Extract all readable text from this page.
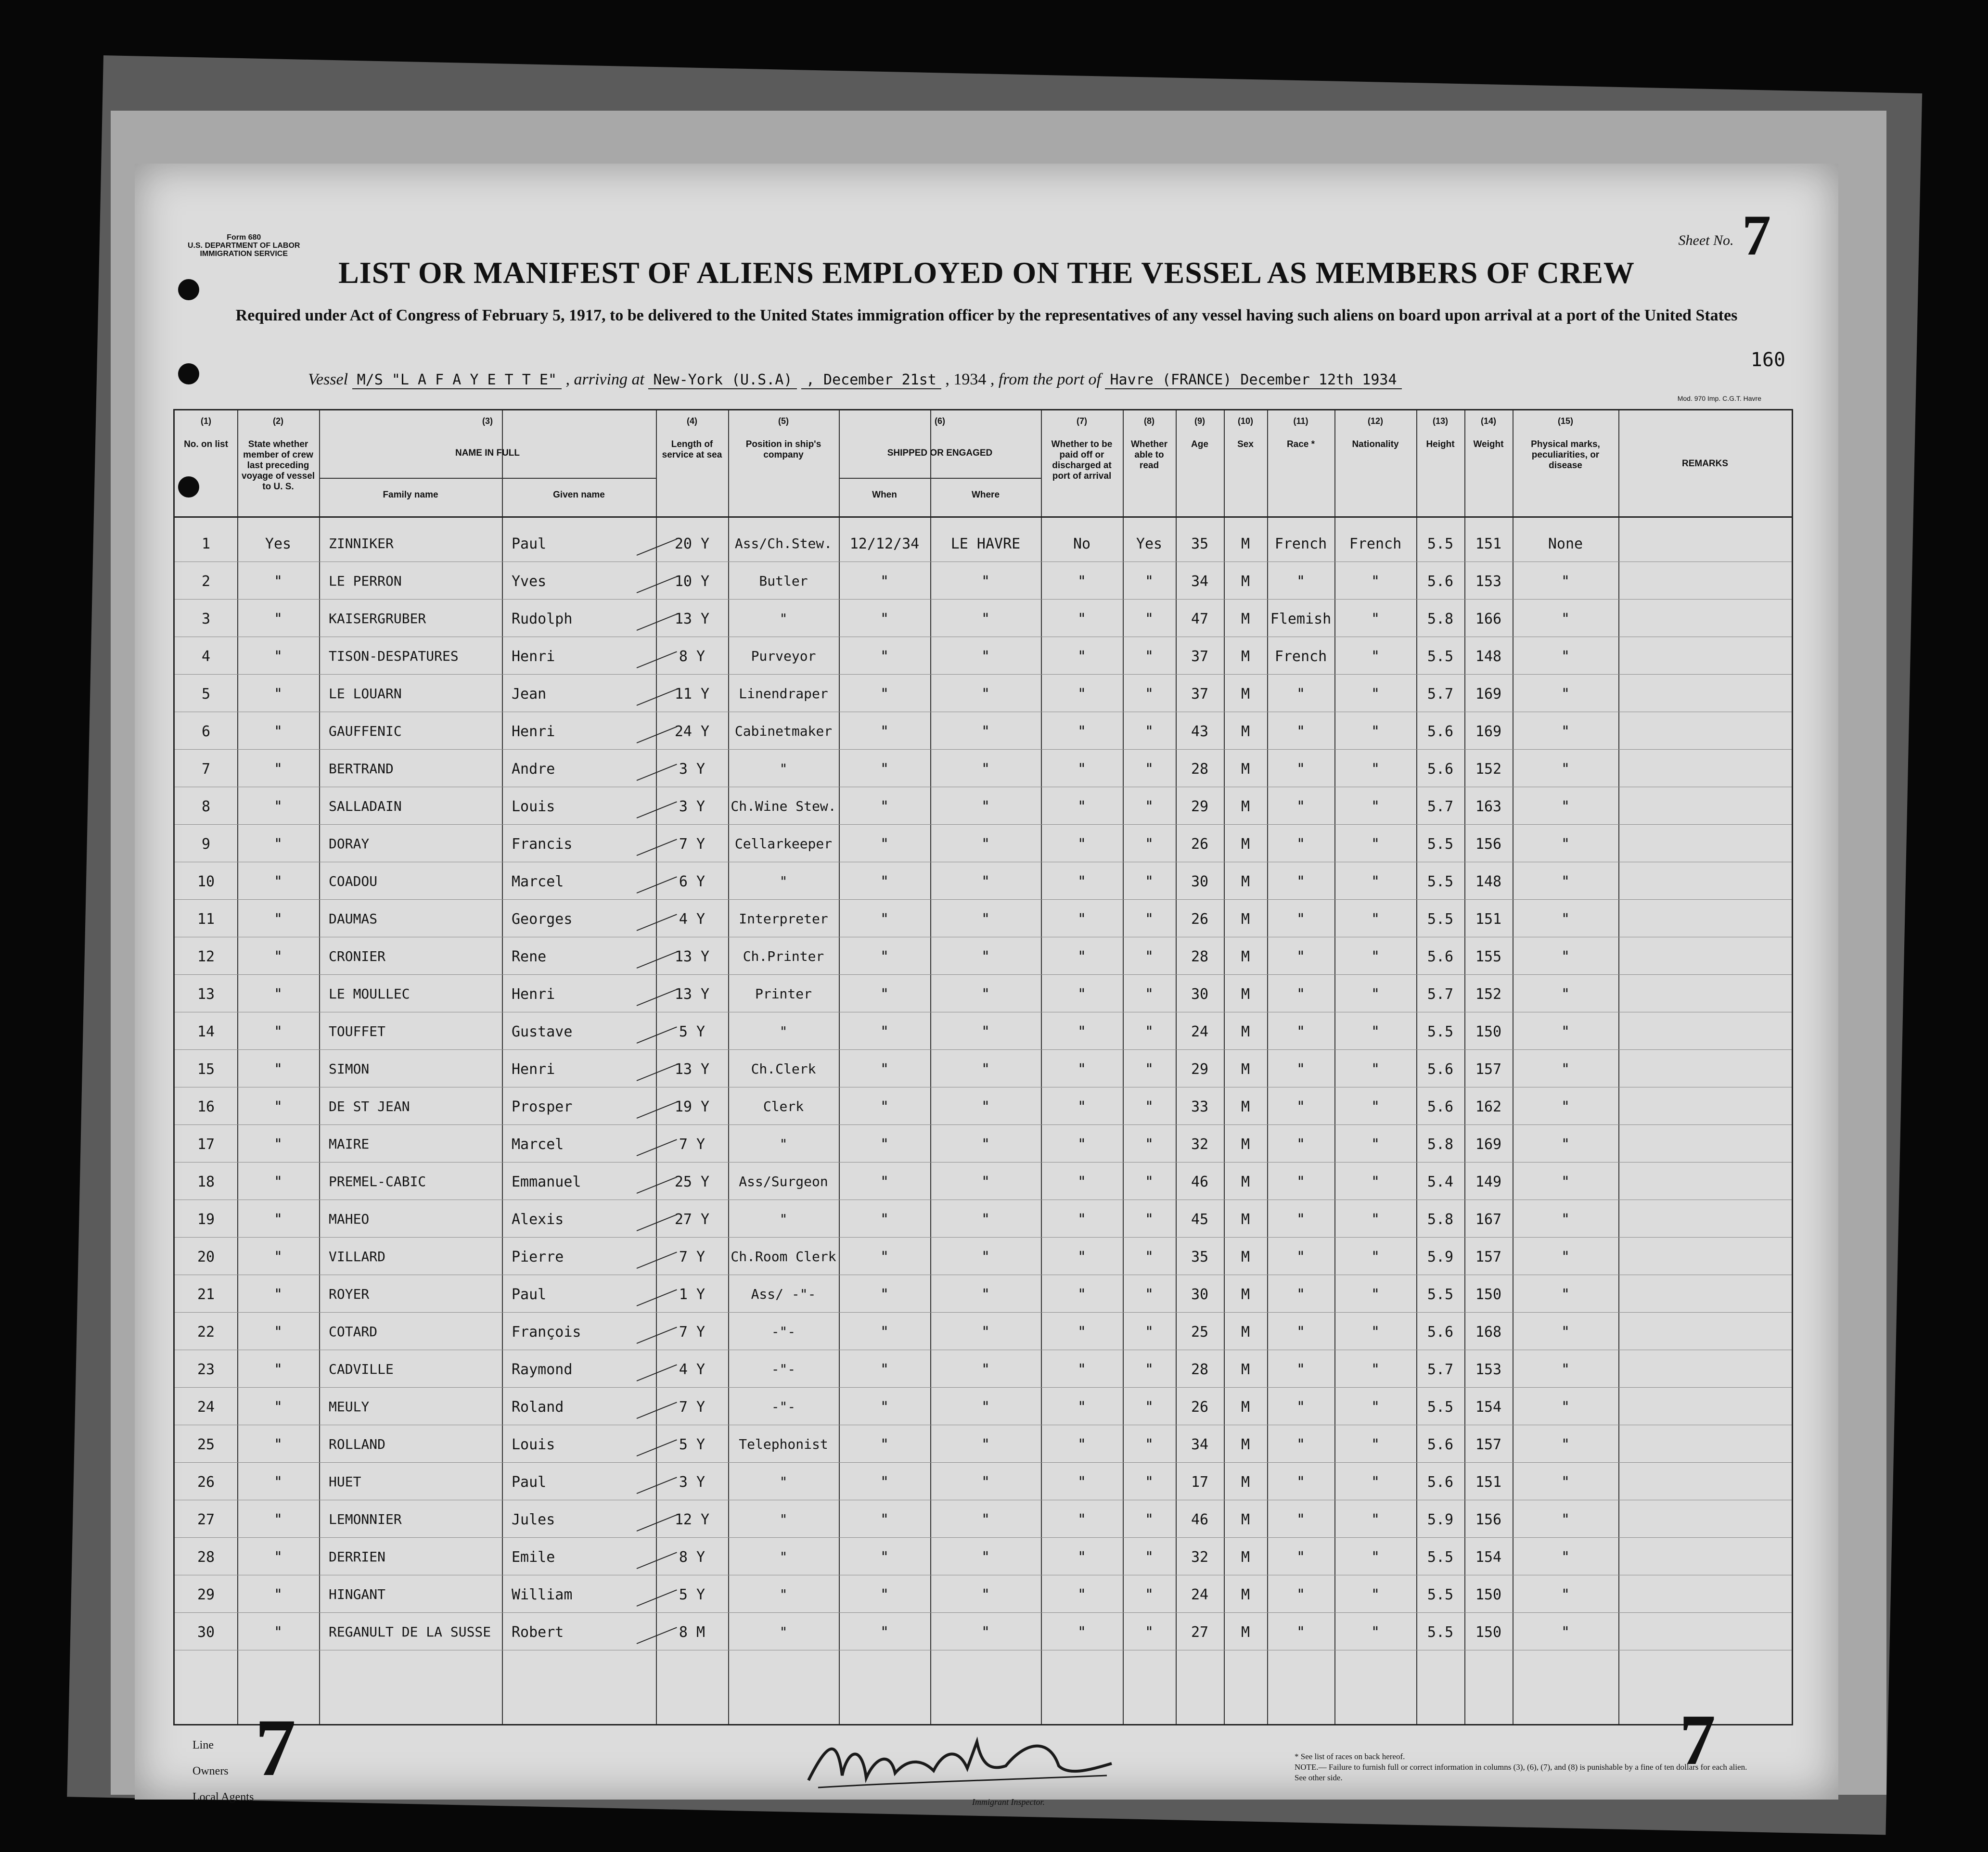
Form 680
U.S. DEPARTMENT OF LABOR
IMMIGRATION SERVICE
Sheet No. 7
LIST OR MANIFEST OF ALIENS EMPLOYED ON THE VESSEL AS MEMBERS OF CREW
Required under Act of Congress of February 5, 1917, to be delivered to the United States immigration officer by the representatives of any vessel having such aliens on board upon arrival at a port of the United States
160
Vessel M/S "L A F A Y E T T E" , arriving at New-York (U.S.A) , December 21st , 1934 , from the port of Havre (FRANCE) December 12th 1934
Mod. 970 Imp. C.G.T. Havre
(1)
No. on list
(2)
State whether member of crew last preceding voyage of vessel to U. S.
(3)
NAME IN FULL
(4)
Length of service at sea
(5)
Position in ship's company
(6)
SHIPPED OR ENGAGED
(7)
Whether to be paid off or discharged at port of arrival
(8)
Whether able to read
(9)
Age
(10)
Sex
(11)
Race *
(12)
Nationality
(13)
Height
(14)
Weight
(15)
Physical marks, peculiarities, or disease
Family name	Given name	When	Where
REMARKS
1	Yes	ZINNIKER	Paul	20 Y	Ass/Ch.Stew.	12/12/34	LE HAVRE	No	Yes	35	M	French	French	5.5	151	None
2	"	LE PERRON	Yves	10 Y	Butler	"	"	"	"	34	M	"	"	5.6	153	"
3	"	KAISERGRUBER	Rudolph	13 Y	"	"	"	"	"	47	M	Flemish	"	5.8	166	"
4	"	TISON-DESPATURES	Henri	8 Y	Purveyor	"	"	"	"	37	M	French	"	5.5	148	"
5	"	LE LOUARN	Jean	11 Y	Linendraper	"	"	"	"	37	M	"	"	5.7	169	"
6	"	GAUFFENIC	Henri	24 Y	Cabinetmaker	"	"	"	"	43	M	"	"	5.6	169	"
7	"	BERTRAND	Andre	3 Y	"	"	"	"	"	28	M	"	"	5.6	152	"
8	"	SALLADAIN	Louis	3 Y	Ch.Wine Stew.	"	"	"	"	29	M	"	"	5.7	163	"
9	"	DORAY	Francis	7 Y	Cellarkeeper	"	"	"	"	26	M	"	"	5.5	156	"
10	"	COADOU	Marcel	6 Y	"	"	"	"	"	30	M	"	"	5.5	148	"
11	"	DAUMAS	Georges	4 Y	Interpreter	"	"	"	"	26	M	"	"	5.5	151	"
12	"	CRONIER	Rene	13 Y	Ch.Printer	"	"	"	"	28	M	"	"	5.6	155	"
13	"	LE MOULLEC	Henri	13 Y	Printer	"	"	"	"	30	M	"	"	5.7	152	"
14	"	TOUFFET	Gustave	5 Y	"	"	"	"	"	24	M	"	"	5.5	150	"
15	"	SIMON	Henri	13 Y	Ch.Clerk	"	"	"	"	29	M	"	"	5.6	157	"
16	"	DE ST JEAN	Prosper	19 Y	Clerk	"	"	"	"	33	M	"	"	5.6	162	"
17	"	MAIRE	Marcel	7 Y	"	"	"	"	"	32	M	"	"	5.8	169	"
18	"	PREMEL-CABIC	Emmanuel	25 Y	Ass/Surgeon	"	"	"	"	46	M	"	"	5.4	149	"
19	"	MAHEO	Alexis	27 Y	"	"	"	"	"	45	M	"	"	5.8	167	"
20	"	VILLARD	Pierre	7 Y	Ch.Room Clerk	"	"	"	"	35	M	"	"	5.9	157	"
21	"	ROYER	Paul	1 Y	Ass/ -"-	"	"	"	"	30	M	"	"	5.5	150	"
22	"	COTARD	François	7 Y	-"-	"	"	"	"	25	M	"	"	5.6	168	"
23	"	CADVILLE	Raymond	4 Y	-"-	"	"	"	"	28	M	"	"	5.7	153	"
24	"	MEULY	Roland	7 Y	-"-	"	"	"	"	26	M	"	"	5.5	154	"
25	"	ROLLAND	Louis	5 Y	Telephonist	"	"	"	"	34	M	"	"	5.6	157	"
26	"	HUET	Paul	3 Y	"	"	"	"	"	17	M	"	"	5.6	151	"
27	"	LEMONNIER	Jules	12 Y	"	"	"	"	"	46	M	"	"	5.9	156	"
28	"	DERRIEN	Emile	8 Y	"	"	"	"	"	32	M	"	"	5.5	154	"
29	"	HINGANT	William	5 Y	"	"	"	"	"	24	M	"	"	5.5	150	"
30	"	REGANULT DE LA SUSSE	Robert	8 M	"	"	"	"	"	27	M	"	"	5.5	150	"
Line
Owners
Local Agents
7	7
Immigrant Inspector.
* See list of races on back hereof.
NOTE.— Failure to furnish full or correct information in columns (3), (6), (7), and (8) is punishable by a fine of ten dollars for each alien. See other side.
